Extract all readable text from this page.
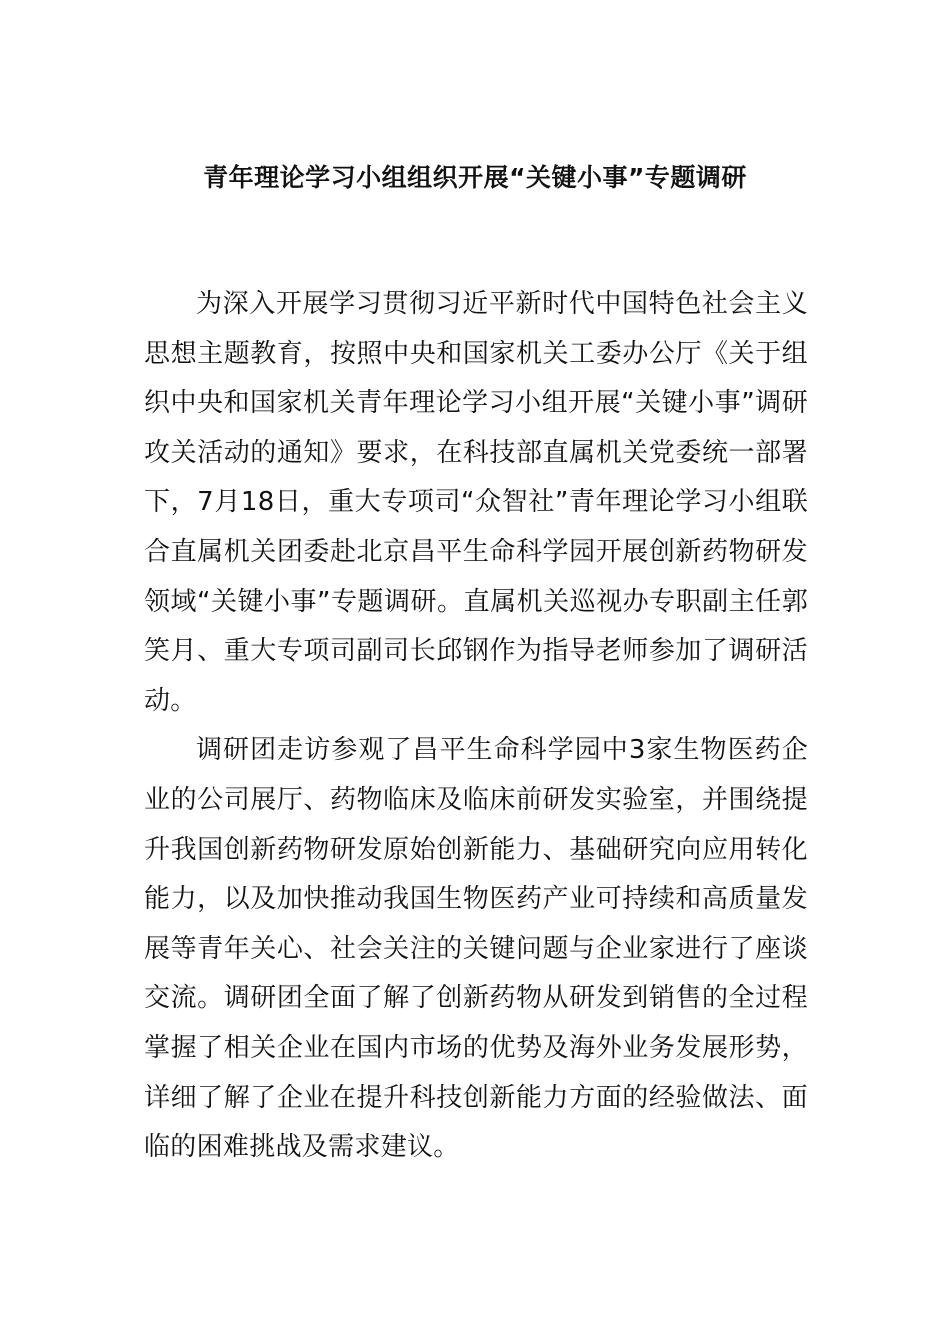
青年理论学习小组组织开展“关键小事”专题调研

为深入开展学习贯彻习近平新时代中国特色社会主义思想主题教育，按照中央和国家机关工委办公厅《关于组织中央和国家机关青年理论学习小组开展“关键小事”调研攻关活动的通知》要求，在科技部直属机关党委统一部署下，7月18日，重大专项司“众智社”青年理论学习小组联合直属机关团委赴北京昌平生命科学园开展创新药物研发领域“关键小事”专题调研。直属机关巡视办专职副主任郭笑月、重大专项司副司长邱钢作为指导老师参加了调研活动。

调研团走访参观了昌平生命科学园中3家生物医药企业的公司展厅、药物临床及临床前研发实验室，并围绕提升我国创新药物研发原始创新能力、基础研究向应用转化能力，以及加快推动我国生物医药产业可持续和高质量发展等青年关心、社会关注的关键问题与企业家进行了座谈交流。调研团全面了解了创新药物从研发到销售的全过程掌握了相关企业在国内市场的优势及海外业务发展形势，详细了解了企业在提升科技创新能力方面的经验做法、面临的困难挑战及需求建议。
